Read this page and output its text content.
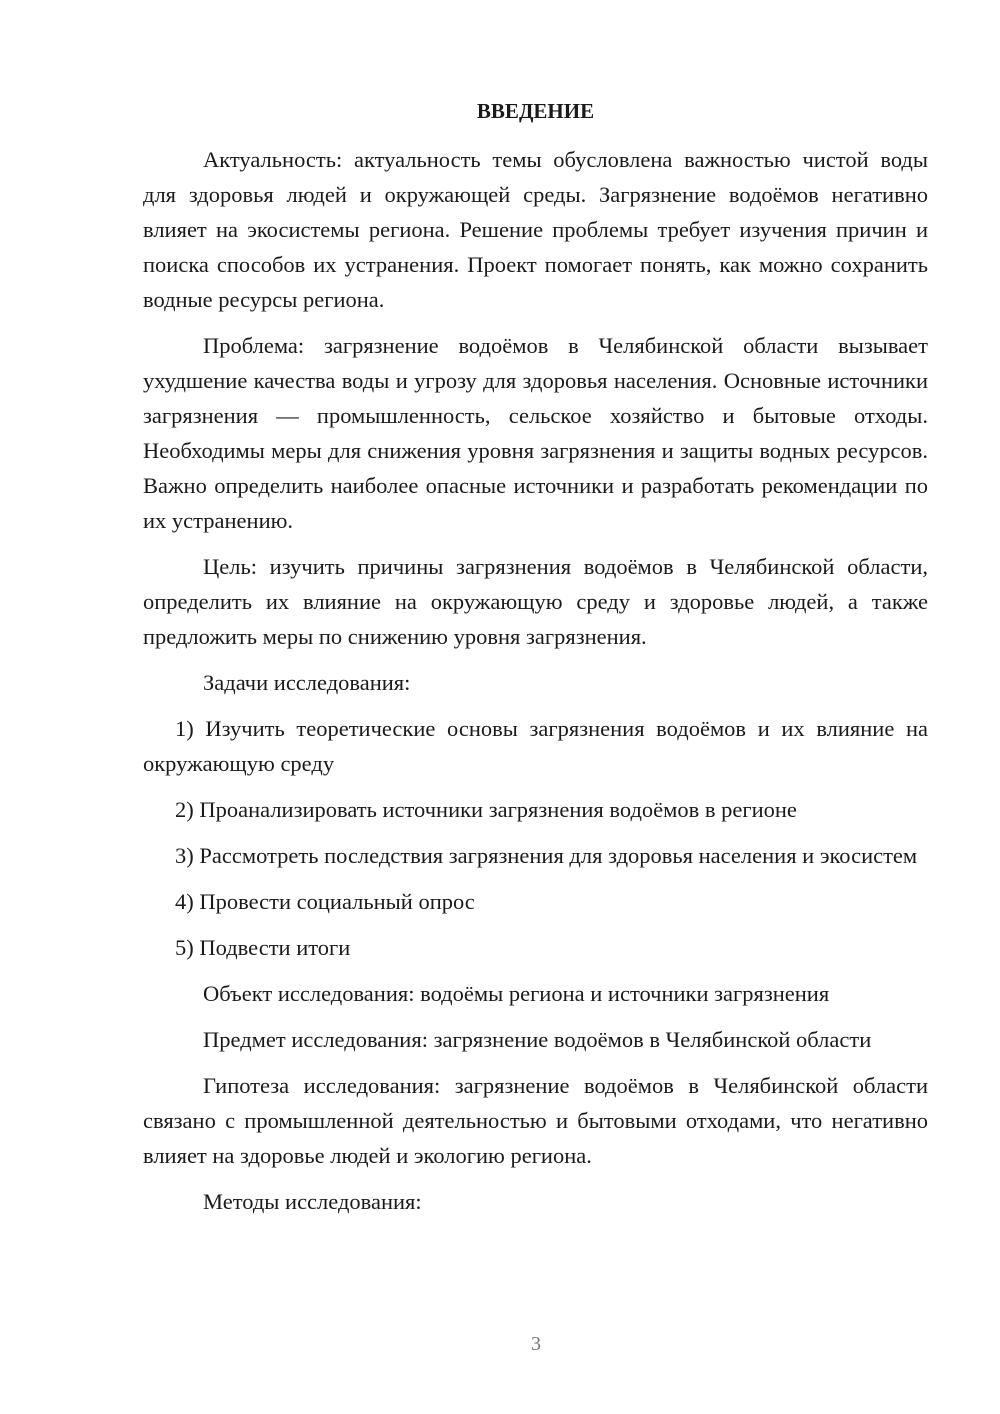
ВВЕДЕНИЕ

Актуальность: актуальность темы обусловлена важностью чистой воды для здоровья людей и окружающей среды. Загрязнение водоёмов негативно влияет на экосистемы региона. Решение проблемы требует изучения причин и поиска способов их устранения. Проект помогает понять, как можно сохранить водные ресурсы региона.

Проблема: загрязнение водоёмов в Челябинской области вызывает ухудшение качества воды и угрозу для здоровья населения. Основные источники загрязнения — промышленность, сельское хозяйство и бытовые отходы. Необходимы меры для снижения уровня загрязнения и защиты водных ресурсов. Важно определить наиболее опасные источники и разработать рекомендации по их устранению.

Цель: изучить причины загрязнения водоёмов в Челябинской области, определить их влияние на окружающую среду и здоровье людей, а также предложить меры по снижению уровня загрязнения.

Задачи исследования:

1) Изучить теоретические основы загрязнения водоёмов и их влияние на окружающую среду

2) Проанализировать источники загрязнения водоёмов в регионе

3) Рассмотреть последствия загрязнения для здоровья населения и экосистем

4) Провести социальный опрос

5) Подвести итоги

Объект исследования: водоёмы региона и источники загрязнения

Предмет исследования: загрязнение водоёмов в Челябинской области

Гипотеза исследования: загрязнение водоёмов в Челябинской области связано с промышленной деятельностью и бытовыми отходами, что негативно влияет на здоровье людей и экологию региона.

Методы исследования:

3
